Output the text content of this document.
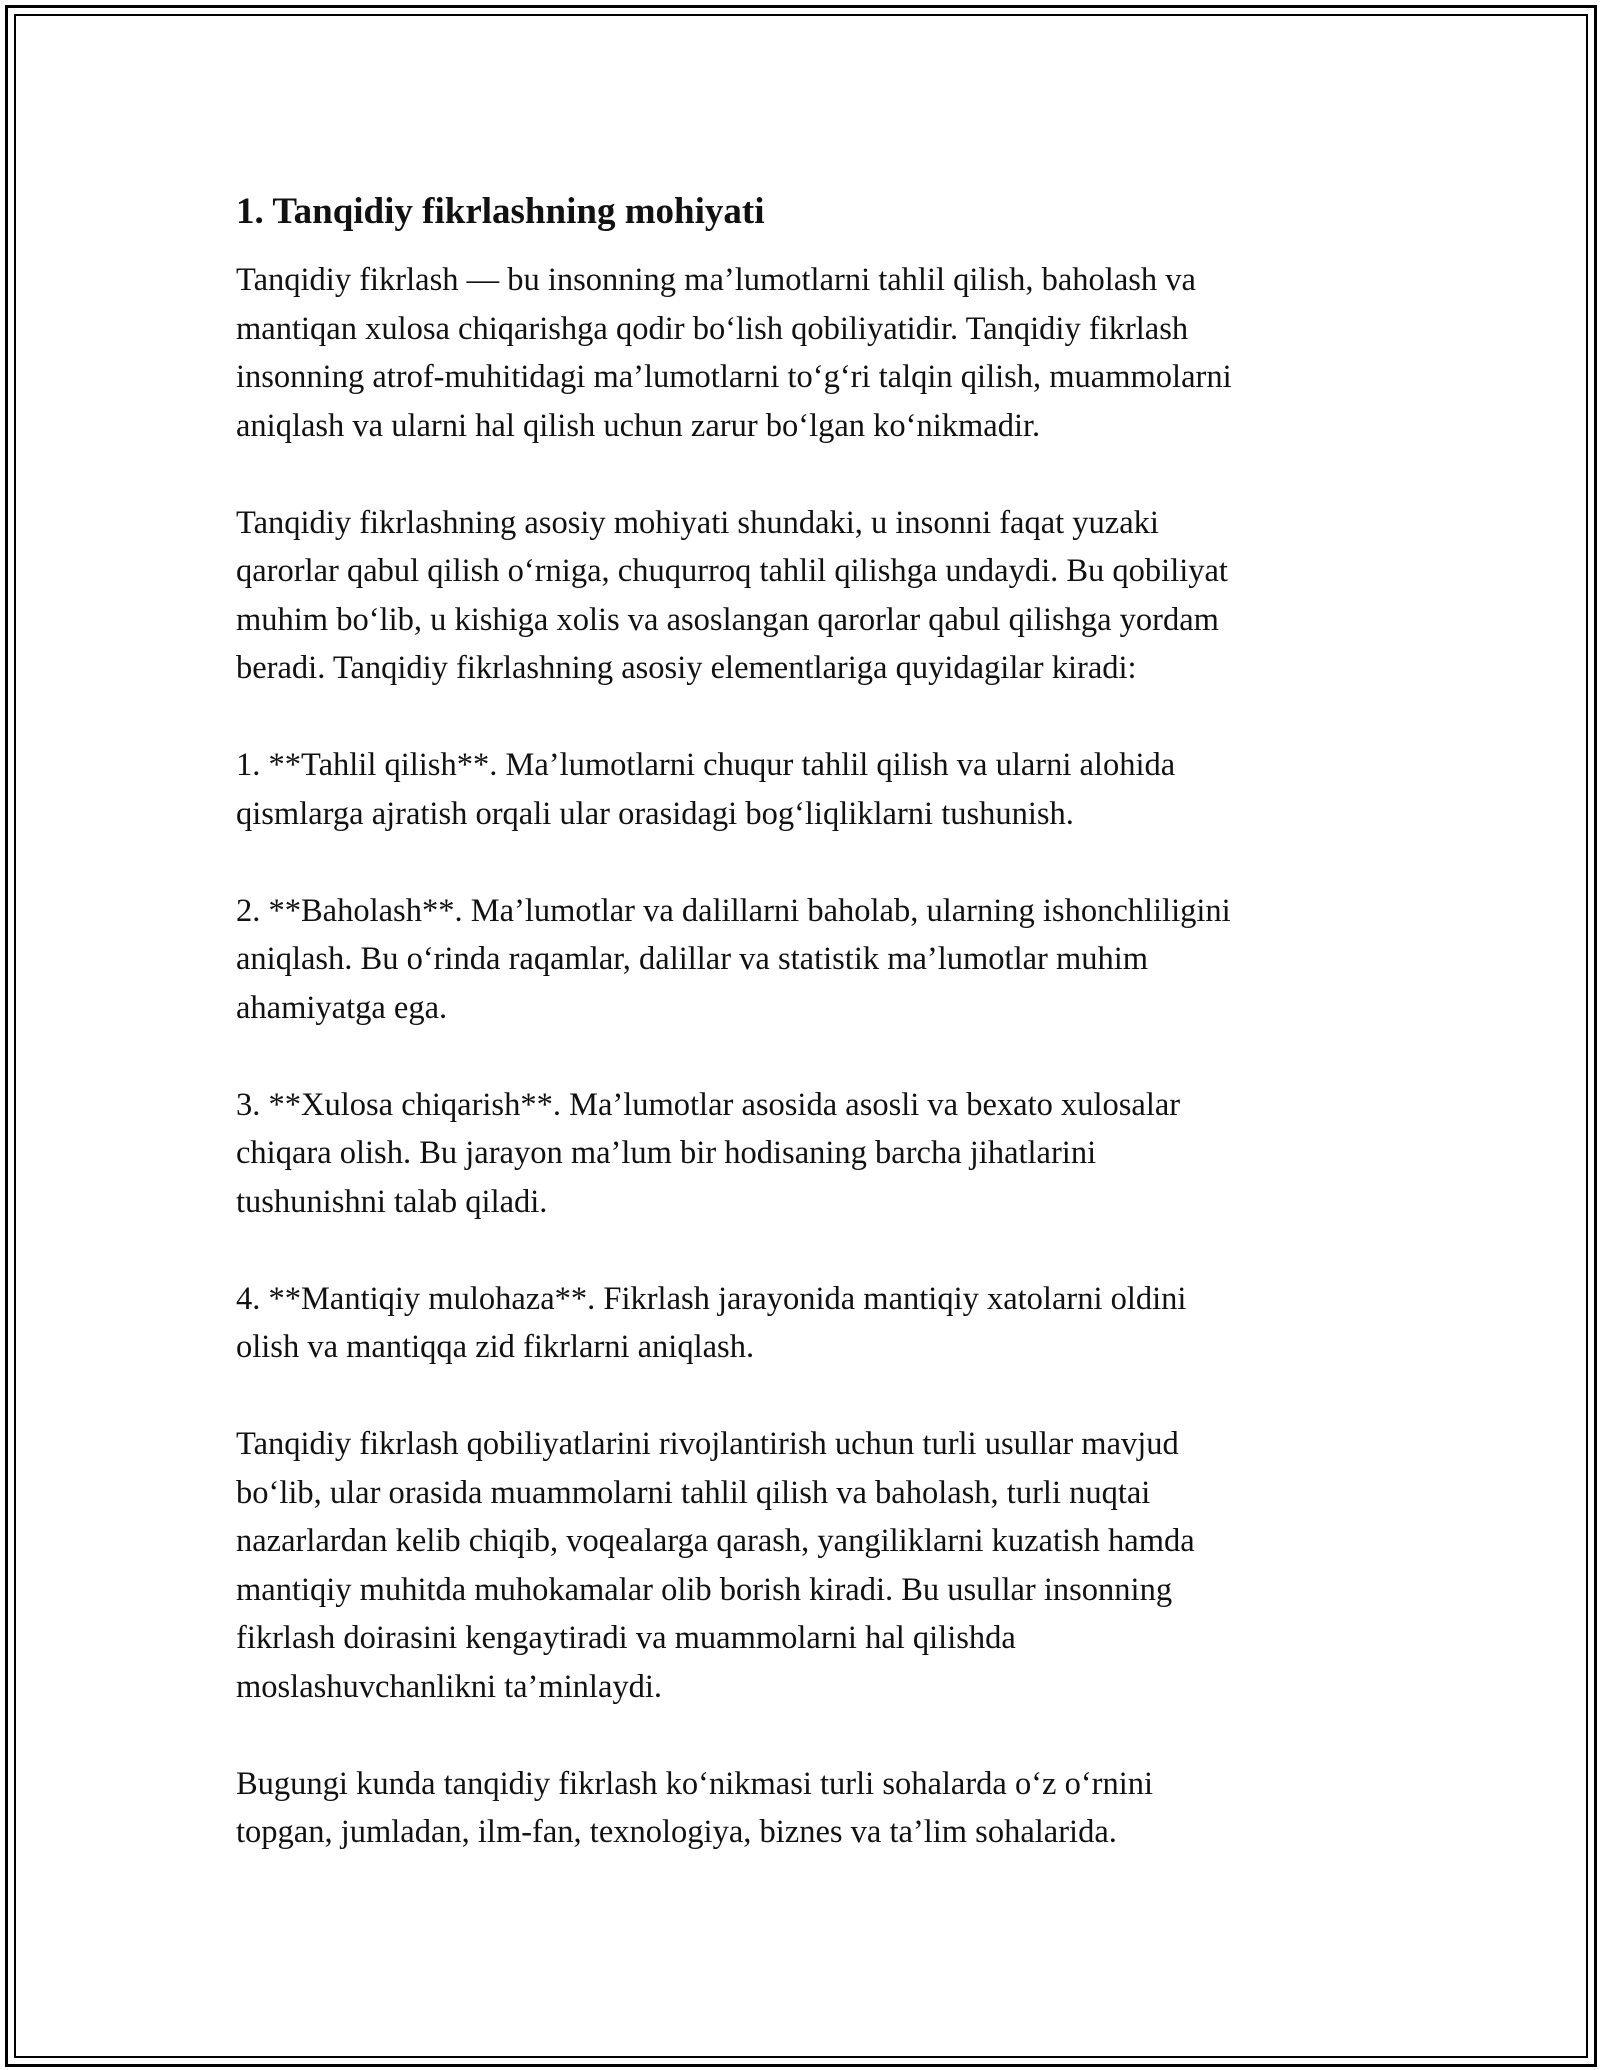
1. Tanqidiy fikrlashning mohiyati

Tanqidiy fikrlash — bu insonning ma’lumotlarni tahlil qilish, baholash va
mantiqan xulosa chiqarishga qodir bo‘lish qobiliyatidir. Tanqidiy fikrlash
insonning atrof-muhitidagi ma’lumotlarni to‘g‘ri talqin qilish, muammolarni
aniqlash va ularni hal qilish uchun zarur bo‘lgan ko‘nikmadir.

Tanqidiy fikrlashning asosiy mohiyati shundaki, u insonni faqat yuzaki
qarorlar qabul qilish o‘rniga, chuqurroq tahlil qilishga undaydi. Bu qobiliyat
muhim bo‘lib, u kishiga xolis va asoslangan qarorlar qabul qilishga yordam
beradi. Tanqidiy fikrlashning asosiy elementlariga quyidagilar kiradi:

1. **Tahlil qilish**. Ma’lumotlarni chuqur tahlil qilish va ularni alohida
qismlarga ajratish orqali ular orasidagi bog‘liqliklarni tushunish.

2. **Baholash**. Ma’lumotlar va dalillarni baholab, ularning ishonchliligini
aniqlash. Bu o‘rinda raqamlar, dalillar va statistik ma’lumotlar muhim
ahamiyatga ega.

3. **Xulosa chiqarish**. Ma’lumotlar asosida asosli va bexato xulosalar
chiqara olish. Bu jarayon ma’lum bir hodisaning barcha jihatlarini
tushunishni talab qiladi.

4. **Mantiqiy mulohaza**. Fikrlash jarayonida mantiqiy xatolarni oldini
olish va mantiqqa zid fikrlarni aniqlash.

Tanqidiy fikrlash qobiliyatlarini rivojlantirish uchun turli usullar mavjud
bo‘lib, ular orasida muammolarni tahlil qilish va baholash, turli nuqtai
nazarlardan kelib chiqib, voqealarga qarash, yangiliklarni kuzatish hamda
mantiqiy muhitda muhokamalar olib borish kiradi. Bu usullar insonning
fikrlash doirasini kengaytiradi va muammolarni hal qilishda
moslashuvchanlikni ta’minlaydi.

Bugungi kunda tanqidiy fikrlash ko‘nikmasi turli sohalarda o‘z o‘rnini
topgan, jumladan, ilm-fan, texnologiya, biznes va ta’lim sohalarida.
